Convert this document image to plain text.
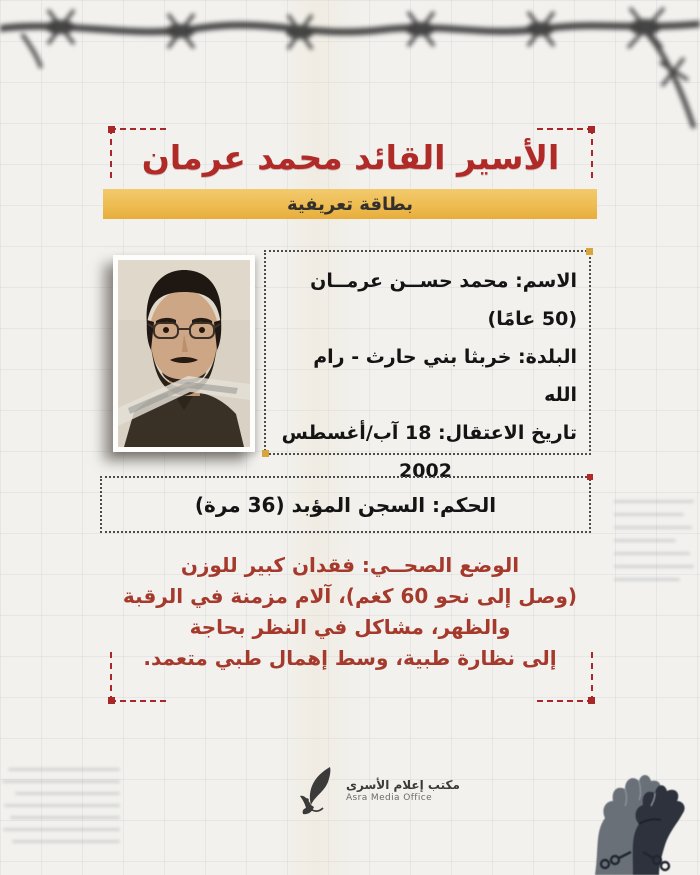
الأسير القائد محمد عرمان
بطاقة تعريفية
الاسم: محمد حســن عرمــان
(50 عامًا)
البلدة: خربثا بني حارث - رام الله
تاريخ الاعتقال: 18 آب/أغسطس
2002
الحكم: السجن المؤبد (36 مرة)
الوضع الصحــي: فقدان كبير للوزن
(وصل إلى نحو 60 كغم)، آلام مزمنة في الرقبة
والظهر، مشاكل في النظر بحاجة
إلى نظارة طبية، وسط إهمال طبي متعمد.
مكتب إعلام الأسرى
Asra Media Office
